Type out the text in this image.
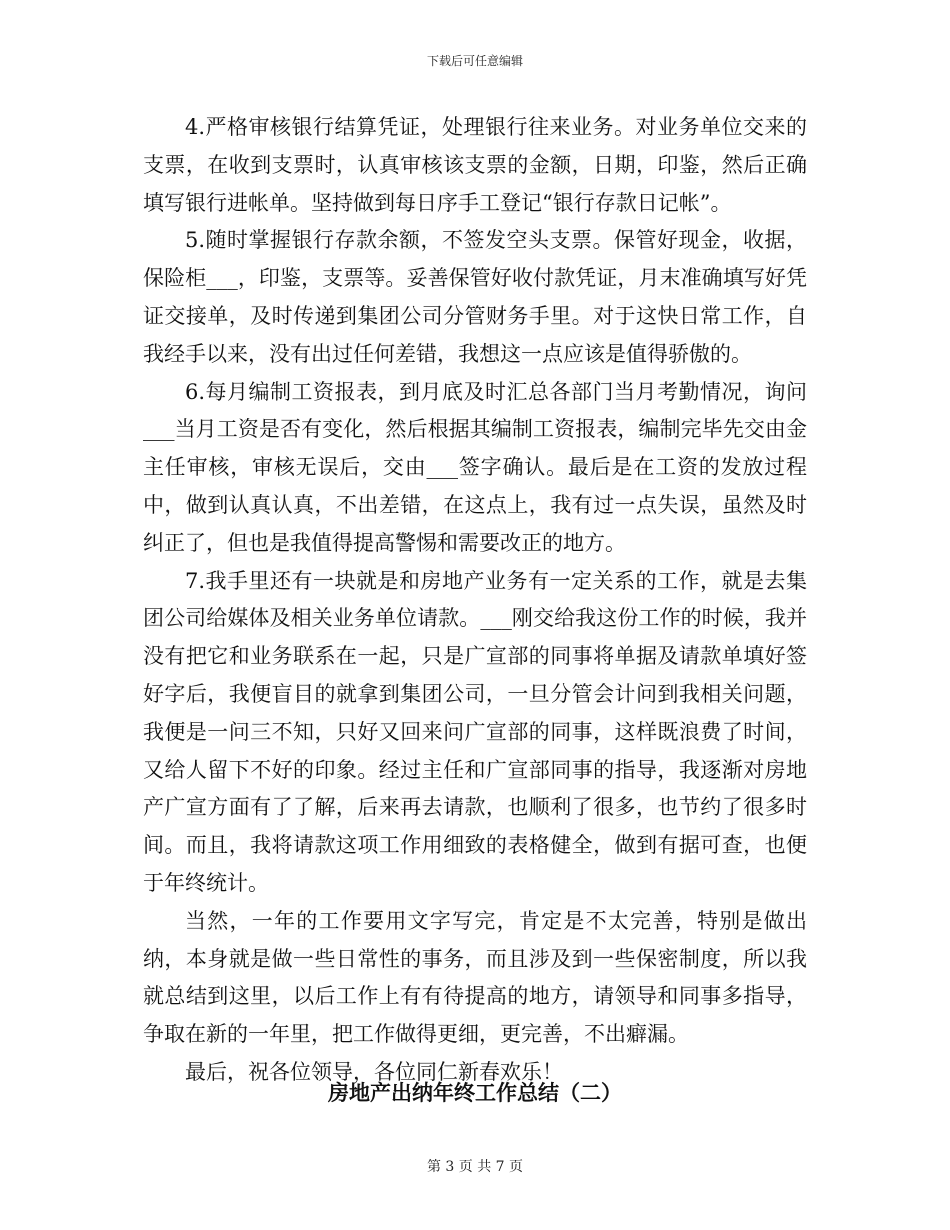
下载后可任意编辑

4.严格审核银行结算凭证，处理银行往来业务。对业务单位交来的支票，在收到支票时，认真审核该支票的金额，日期，印鉴，然后正确填写银行进帐单。坚持做到每日序手工登记“银行存款日记帐”。

5.随时掌握银行存款余额，不签发空头支票。保管好现金，收据，保险柜___，印鉴，支票等。妥善保管好收付款凭证，月末准确填写好凭证交接单，及时传递到集团公司分管财务手里。对于这快日常工作，自我经手以来，没有出过任何差错，我想这一点应该是值得骄傲的。

6.每月编制工资报表，到月底及时汇总各部门当月考勤情况，询问___当月工资是否有变化，然后根据其编制工资报表，编制完毕先交由金主任审核，审核无误后，交由___签字确认。最后是在工资的发放过程中，做到认真认真，不出差错，在这点上，我有过一点失误，虽然及时纠正了，但也是我值得提高警惕和需要改正的地方。

7.我手里还有一块就是和房地产业务有一定关系的工作，就是去集团公司给媒体及相关业务单位请款。___刚交给我这份工作的时候，我并没有把它和业务联系在一起，只是广宣部的同事将单据及请款单填好签好字后，我便盲目的就拿到集团公司，一旦分管会计问到我相关问题，我便是一问三不知，只好又回来问广宣部的同事，这样既浪费了时间，又给人留下不好的印象。经过主任和广宣部同事的指导，我逐渐对房地产广宣方面有了了解，后来再去请款，也顺利了很多，也节约了很多时间。而且，我将请款这项工作用细致的表格健全，做到有据可查，也便于年终统计。

当然，一年的工作要用文字写完，肯定是不太完善，特别是做出纳，本身就是做一些日常性的事务，而且涉及到一些保密制度，所以我就总结到这里，以后工作上有有待提高的地方，请领导和同事多指导，争取在新的一年里，把工作做得更细，更完善，不出癖漏。

最后，祝各位领导，各位同仁新春欢乐！

房地产出纳年终工作总结（二）
第 3 页 共 7 页
